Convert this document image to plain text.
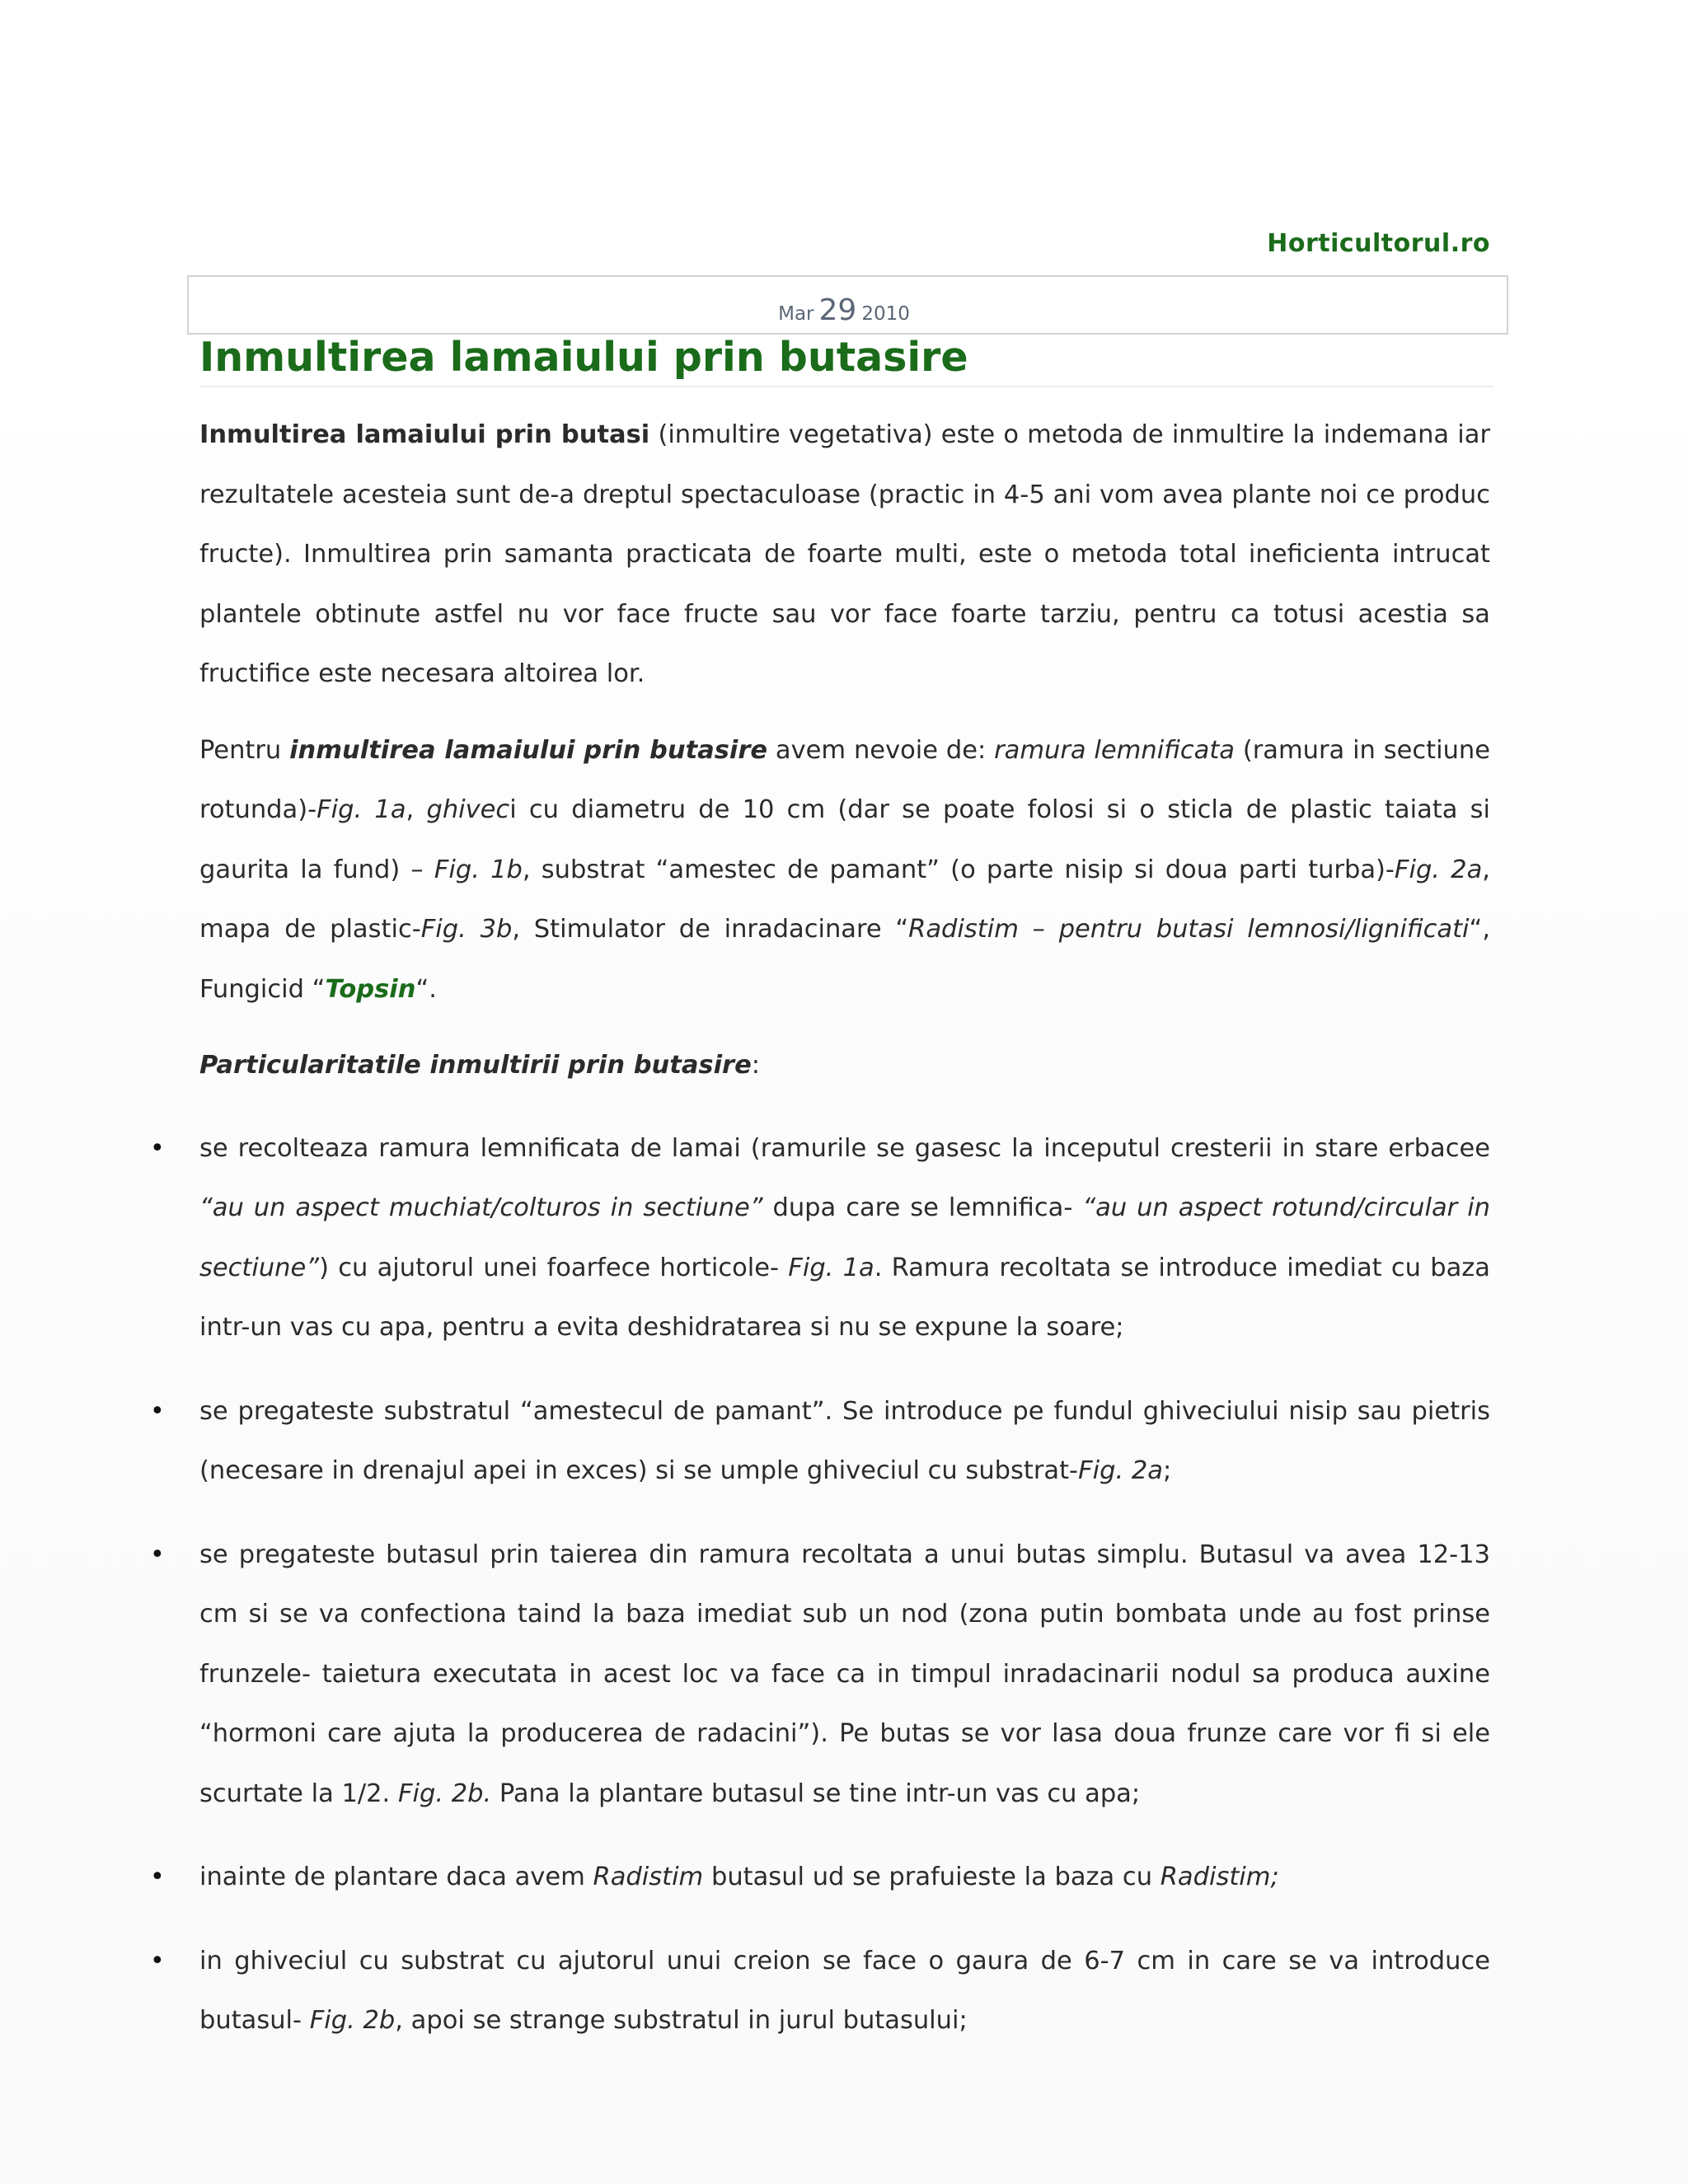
Horticultorul.ro
Mar 29 2010
Inmultirea lamaiului prin butasire

Inmultirea lamaiului prin butasi (inmultire vegetativa) este o metoda de inmultire la indemana iar rezultatele acesteia sunt de-a dreptul spectaculoase (practic in 4-5 ani vom avea plante noi ce produc fructe). Inmultirea prin samanta practicata de foarte multi, este o metoda total ineficienta intrucat plantele obtinute astfel nu vor face fructe sau vor face foarte tarziu, pentru ca totusi acestia sa fructifice este necesara altoirea lor.

Pentru inmultirea lamaiului prin butasire avem nevoie de: ramura lemnificata (ramura in sectiune rotunda)-Fig. 1a, ghiveci cu diametru de 10 cm (dar se poate folosi si o sticla de plastic taiata si gaurita la fund) – Fig. 1b, substrat “amestec de pamant” (o parte nisip si doua parti turba)-Fig. 2a, mapa de plastic-Fig. 3b, Stimulator de inradacinare “Radistim – pentru butasi lemnosi/lignificati“, Fungicid “Topsin“.

Particularitatile inmultirii prin butasire:

• se recolteaza ramura lemnificata de lamai (ramurile se gasesc la inceputul cresterii in stare erbacee “au un aspect muchiat/colturos in sectiune” dupa care se lemnifica- “au un aspect rotund/circular in sectiune”) cu ajutorul unei foarfece horticole- Fig. 1a. Ramura recoltata se introduce imediat cu baza intr-un vas cu apa, pentru a evita deshidratarea si nu se expune la soare;
• se pregateste substratul “amestecul de pamant”. Se introduce pe fundul ghiveciului nisip sau pietris (necesare in drenajul apei in exces) si se umple ghiveciul cu substrat-Fig. 2a;
• se pregateste butasul prin taierea din ramura recoltata a unui butas simplu. Butasul va avea 12-13 cm si se va confectiona taind la baza imediat sub un nod (zona putin bombata unde au fost prinse frunzele- taietura executata in acest loc va face ca in timpul inradacinarii nodul sa produca auxine “hormoni care ajuta la producerea de radacini”). Pe butas se vor lasa doua frunze care vor fi si ele scurtate la 1/2. Fig. 2b. Pana la plantare butasul se tine intr-un vas cu apa;
• inainte de plantare daca avem Radistim butasul ud se prafuieste la baza cu Radistim;
• in ghiveciul cu substrat cu ajutorul unui creion se face o gaura de 6-7 cm in care se va introduce butasul- Fig. 2b, apoi se strange substratul in jurul butasului;
